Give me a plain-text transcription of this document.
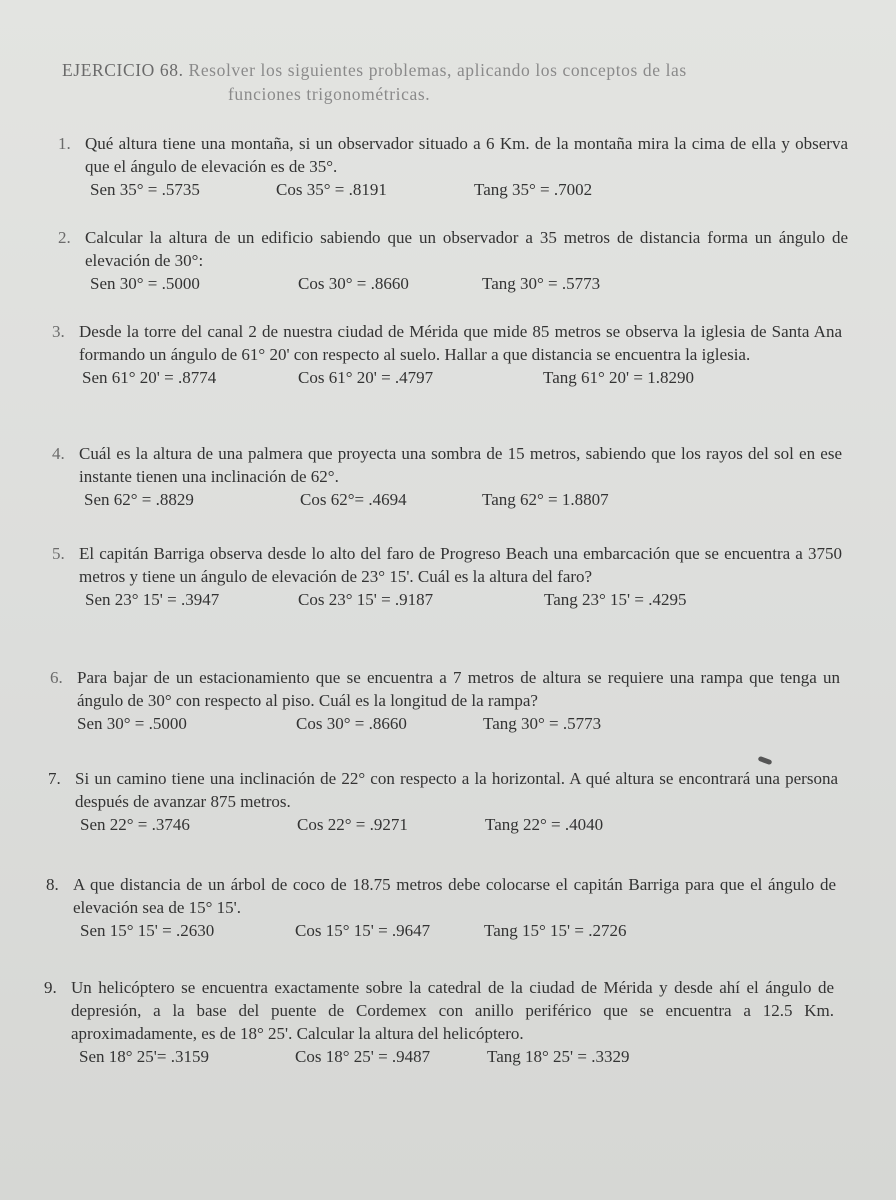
EJERCICIO 68. Resolver los siguientes problemas, aplicando los conceptos de las
funciones trigonométricas.
1. Qué altura tiene una montaña, si un observador situado a 6 Km. de la montaña mira la cima de ella y observa que el ángulo de elevación es de 35°.
Sen 35° = .5735	Cos 35° = .8191	Tang 35° = .7002
2. Calcular la altura de un edificio sabiendo que un observador a 35 metros de distancia forma un ángulo de elevación de 30°:
Sen 30° = .5000	Cos 30° = .8660	Tang 30° = .5773
3. Desde la torre del canal 2 de nuestra ciudad de Mérida que mide 85 metros se observa la iglesia de Santa Ana formando un ángulo de 61° 20' con respecto al suelo. Hallar a que distancia se encuentra la iglesia.
Sen 61° 20' = .8774	Cos 61° 20' = .4797	Tang 61° 20' = 1.8290
4. Cuál es la altura de una palmera que proyecta una sombra de 15 metros, sabiendo que los rayos del sol en ese instante tienen una inclinación de 62°.
Sen 62° = .8829	Cos 62°= .4694	Tang 62° = 1.8807
5. El capitán Barriga observa desde lo alto del faro de Progreso Beach una embarcación que se encuentra a 3750 metros y tiene un ángulo de elevación de 23° 15'. Cuál es la altura del faro?
Sen 23° 15' = .3947	Cos 23° 15' = .9187	Tang 23° 15' = .4295
6. Para bajar de un estacionamiento que se encuentra a 7 metros de altura se requiere una rampa que tenga un ángulo de 30° con respecto al piso. Cuál es la longitud de la rampa?
Sen 30° = .5000	Cos 30° = .8660	Tang 30° = .5773
7. Si un camino tiene una inclinación de 22° con respecto a la horizontal. A qué altura se encontrará una persona después de avanzar 875 metros.
Sen 22° = .3746	Cos 22° = .9271	Tang 22° = .4040
8. A que distancia de un árbol de coco de 18.75 metros debe colocarse el capitán Barriga para que el ángulo de elevación sea de 15° 15'.
Sen 15° 15' = .2630	Cos 15° 15' = .9647	Tang 15° 15' = .2726
9. Un helicóptero se encuentra exactamente sobre la catedral de la ciudad de Mérida y desde ahí el ángulo de depresión, a la base del puente de Cordemex con anillo periférico que se encuentra a 12.5 Km. aproximadamente, es de 18° 25'. Calcular la altura del helicóptero.
Sen 18° 25'= .3159	Cos 18° 25' = .9487	Tang 18° 25' = .3329
